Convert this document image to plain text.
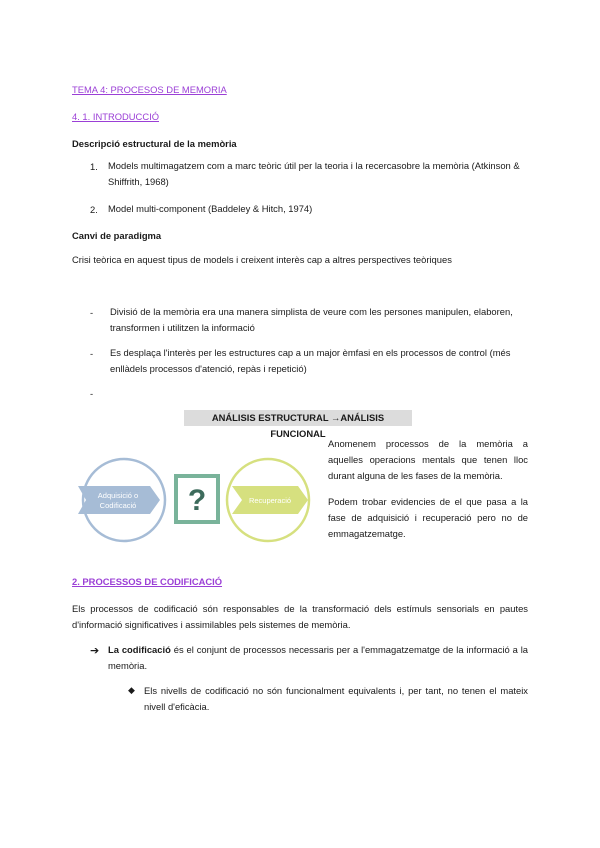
TEMA 4: PROCESOS DE MEMORIA
4. 1. INTRODUCCIÓ
Descripció estructural de la memòria
1.	Models multimagatzem com a marc teòric útil per la teoria i la recercasobre la memòria (Atkinson & Shiffrith, 1968)
2.	Model multi-component (Baddeley & Hitch, 1974)
Canvi de paradigma
Crisi teòrica en aquest tipus de models i creixent interès cap a altres perspectives teòriques
- Divisió de la memòria era una manera simplista de veure com les persones manipulen, elaboren, transformen i utilitzen la informació
- Es desplaça l'interès per les estructures cap a un major èmfasi en els processos de control (més enllàdels processos d'atenció, repàs i repetició)
-
ANÁLISIS ESTRUCTURAL →ANÁLISIS FUNCIONAL
?
Adquisició o Codificació
Recuperació
Anomenem processos de la memòria a aquelles operacions mentals que tenen lloc durant alguna de les fases de la memòria.
Podem trobar evidencies de el que pasa a la fase de adquisició i recuperació pero no de emmagatzematge.
2. PROCESSOS DE CODIFICACIÓ
Els processos de codificació són responsables de la transformació dels estímuls sensorials en pautes d'informació significatives i assimilables pels sistemes de memòria.
➔ La codificació és el conjunt de processos necessaris per a l'emmagatzematge de la informació a la memòria.
◆ Els nivells de codificació no són funcionalment equivalents i, per tant, no tenen el mateix nivell d'eficàcia.
